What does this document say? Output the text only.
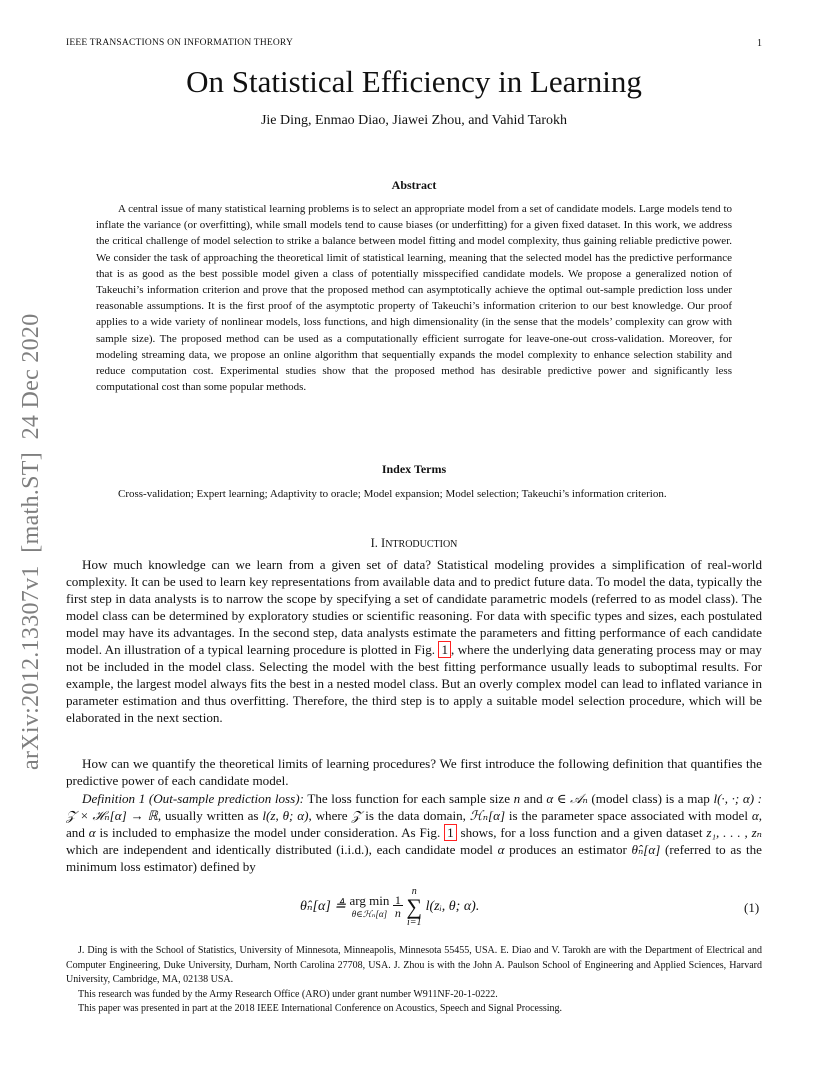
IEEE TRANSACTIONS ON INFORMATION THEORY	1
arXiv:2012.13307v1  [math.ST]  24 Dec 2020
On Statistical Efficiency in Learning
Jie Ding, Enmao Diao, Jiawei Zhou, and Vahid Tarokh
Abstract

A central issue of many statistical learning problems is to select an appropriate model from a set of candidate models. Large models tend to inflate the variance (or overfitting), while small models tend to cause biases (or underfitting) for a given fixed dataset. In this work, we address the critical challenge of model selection to strike a balance between model fitting and model complexity, thus gaining reliable predictive power. We consider the task of approaching the theoretical limit of statistical learning, meaning that the selected model has the predictive performance that is as good as the best possible model given a class of potentially misspecified candidate models. We propose a generalized notion of Takeuchi’s information criterion and prove that the proposed method can asymptotically achieve the optimal out-sample prediction loss under reasonable assumptions. It is the first proof of the asymptotic property of Takeuchi’s information criterion to our best knowledge. Our proof applies to a wide variety of nonlinear models, loss functions, and high dimensionality (in the sense that the models’ complexity can grow with sample size). The proposed method can be used as a computationally efficient surrogate for leave-one-out cross-validation. Moreover, for modeling streaming data, we propose an online algorithm that sequentially expands the model complexity to enhance selection stability and reduce computation cost. Experimental studies show that the proposed method has desirable predictive power and significantly less computational cost than some popular methods.

Index Terms

Cross-validation; Expert learning; Adaptivity to oracle; Model expansion; Model selection; Takeuchi’s information criterion.

I. INTRODUCTION

How much knowledge can we learn from a given set of data? Statistical modeling provides a simplification of real-world complexity. It can be used to learn key representations from available data and to predict future data. To model the data, typically the first step in data analysts is to narrow the scope by specifying a set of candidate parametric models (referred to as model class). The model class can be determined by exploratory studies or scientific reasoning. For data with specific types and sizes, each postulated model may have its advantages. In the second step, data analysts estimate the parameters and fitting performance of each candidate model. An illustration of a typical learning procedure is plotted in Fig. 1 , where the underlying data generating process may or may not be included in the model class. Selecting the model with the best fitting performance usually leads to suboptimal results. For example, the largest model always fits the best in a nested model class. But an overly complex model can lead to inflated variance in parameter estimation and thus overfitting. Therefore, the third step is to apply a suitable model selection procedure, which will be elaborated in the next section.

How can we quantify the theoretical limits of learning procedures? We first introduce the following definition that quantifies the predictive power of each candidate model.

Definition 1 (Out-sample prediction loss): The loss function for each sample size n and α ∈ 𝒜ₙ (model class) is a map l(·, ·; α) : 𝒵 × ℋₙ[α] → ℝ, usually written as l(z, θ; α), where 𝒵 is the data domain, ℋₙ[α] is the parameter space associated with model α, and α is included to emphasize the model under consideration. As Fig. 1 shows, for a loss function and a given dataset z₁, . . . , zₙ which are independent and identically distributed (i.i.d.), each candidate model α produces an estimator θ̂ₙ[α] (referred to as the minimum loss estimator) defined by

θ̂ₙ[α] ≜ arg min
θ∈ℋₙ[α] $\frac{1}{n}$ n
∑
i=1 l(zᵢ, θ; α).	(1)

J. Ding is with the School of Statistics, University of Minnesota, Minneapolis, Minnesota 55455, USA. E. Diao and V. Tarokh are with the Department of Electrical and Computer Engineering, Duke University, Durham, North Carolina 27708, USA. J. Zhou is with the John A. Paulson School of Engineering and Applied Sciences, Harvard University, Cambridge, MA, 02138 USA.

This research was funded by the Army Research Office (ARO) under grant number W911NF-20-1-0222.

This paper was presented in part at the 2018 IEEE International Conference on Acoustics, Speech and Signal Processing.
